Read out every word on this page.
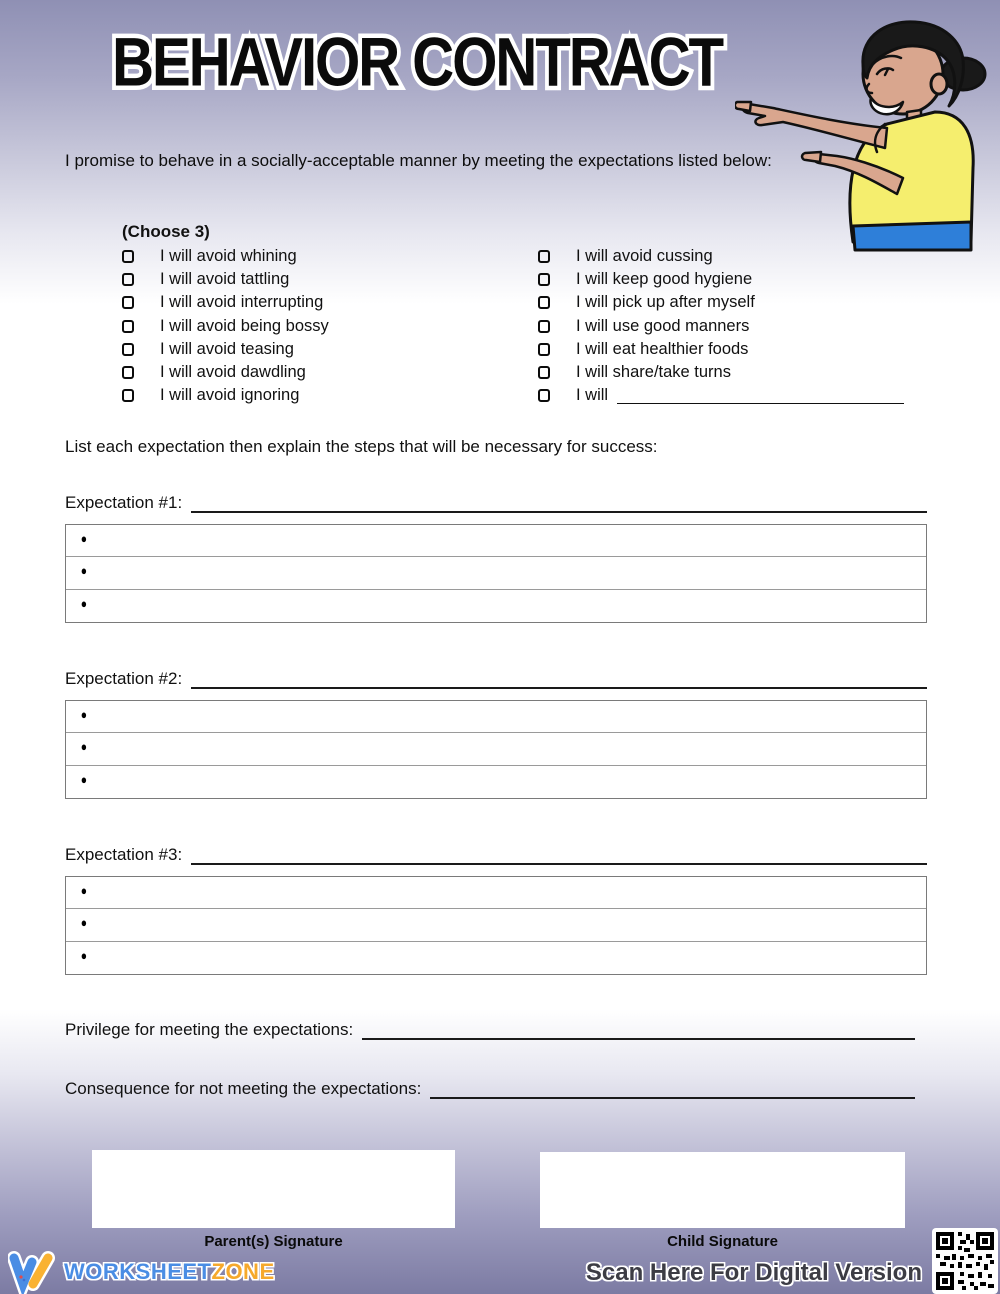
BEHAVIOR CONTRACT

I promise to behave in a socially-acceptable manner by meeting the expectations listed below:

(Choose 3)
I will avoid whining
I will avoid tattling
I will avoid interrupting
I will avoid being bossy
I will avoid teasing
I will avoid dawdling
I will avoid ignoring
I will avoid cussing
I will keep good hygiene
I will pick up after myself
I will use good manners
I will eat healthier foods
I will share/take turns
I will

List each expectation then explain the steps that will be necessary for success:

Expectation #1:
●
●
●
Expectation #2:
●
●
●
Expectation #3:
●
●
●
Privilege for meeting the expectations:
Consequence for not meeting the expectations:
Parent(s) Signature	Child Signature
WORKSHEETZONE	Scan Here For Digital Version
